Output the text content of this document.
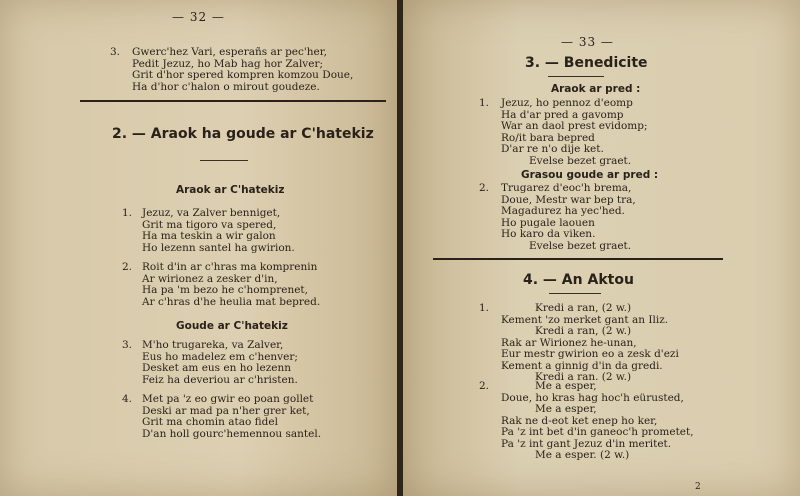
— 32 —
3. Gwerc'hez Vari, esperañs ar pec'her,
Pedit Jezuz, ho Mab hag hor Zalver;
Grit d'hor spered kompren komzou Doue,
Ha d'hor c'halon o mirout goudeze.
2. — Araok ha goude ar C'hatekiz
Araok ar C'hatekiz
1. Jezuz, va Zalver benniget,
Grit ma tigoro va spered,
Ha ma teskin a wir galon
Ho lezenn santel ha gwirion.
2. Roit d'in ar c'hras ma komprenin
Ar wirionez a zesker d'in,
Ha pa 'm bezo he c'homprenet,
Ar c'hras d'he heulia mat bepred.
Goude ar C'hatekiz
3. M'ho trugareka, va Zalver,
Eus ho madelez em c'henver;
Desket am eus en ho lezenn
Feiz ha deveriou ar c'hristen.
4. Met pa 'z eo gwir eo poan gollet
Deski ar mad pa n'her grer ket,
Grit ma chomin atao fidel
D'an holl gourc'hemennou santel.
— 33 —
3. — Benedicite
Araok ar pred :
1. Jezuz, ho pennoz d'eomp
Ha d'ar pred a gavomp
War an daol prest evidomp;
Ro/it bara bepred
D'ar re n'o dije ket.
Evelse bezet graet.
Grasou goude ar pred :
2. Trugarez d'eoc'h brema,
Doue, Mestr war bep tra,
Magadurez ha yec'hed.
Ho pugale laouen
Ho karo da viken.
Evelse bezet graet.
4. — An Aktou
1.	Kredi a ran, (2 w.)
Kement 'zo merket gant an Iliz.
Kredi a ran, (2 w.)
Rak ar Wirionez he-unan,
Eur mestr gwirion eo a zesk d'ezi
Kement a ginnig d'in da gredi.
Kredi a ran. (2 w.)
2.	Me a esper,
Doue, ho kras hag hoc'h eürusted,
Me a esper,
Rak ne d-eot ket enep ho ker,
Pa 'z int bet d'in ganeoc'h prometet,
Pa 'z int gant Jezuz d'in meritet.
Me a esper. (2 w.)
2
